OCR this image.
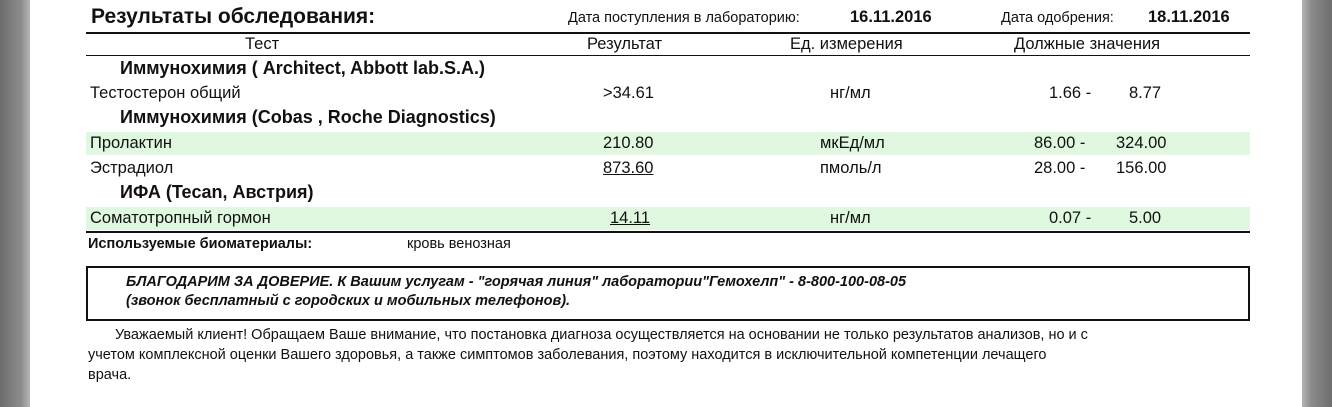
Результаты обследования:	Дата поступления в лабораторию:	16.11.2016	Дата одобрения: 18.11.2016
Тест	Результат	Ед. измерения	Должные значения
Иммунохимия ( Architect, Abbott lab.S.A.)
Тестостерон общий	>34.61	нг/мл	1.66 - 8.77
Иммунохимия (Cobas , Roche Diagnostics)
Пролактин	210.80	мкЕд/мл	86.00 - 324.00
Эстрадиол	873.60	пмоль/л	28.00 - 156.00
ИФА (Tecan, Австрия)
Соматотропный гормон	14.11	нг/мл	0.07 - 5.00
Используемые биоматериалы:	кровь венозная
БЛАГОДАРИМ ЗА ДОВЕРИЕ. К Вашим услугам - "горячая линия" лаборатории"Гемохелп" - 8-800-100-08-05
(звонок бесплатный с городских и мобильных телефонов).
Уважаемый клиент! Обращаем Ваше внимание, что постановка диагноза осуществляется на основании не только результатов анализов, но и с
учетом комплексной оценки Вашего здоровья, а также симптомов заболевания, поэтому находится в исключительной компетенции лечащего
врача.
